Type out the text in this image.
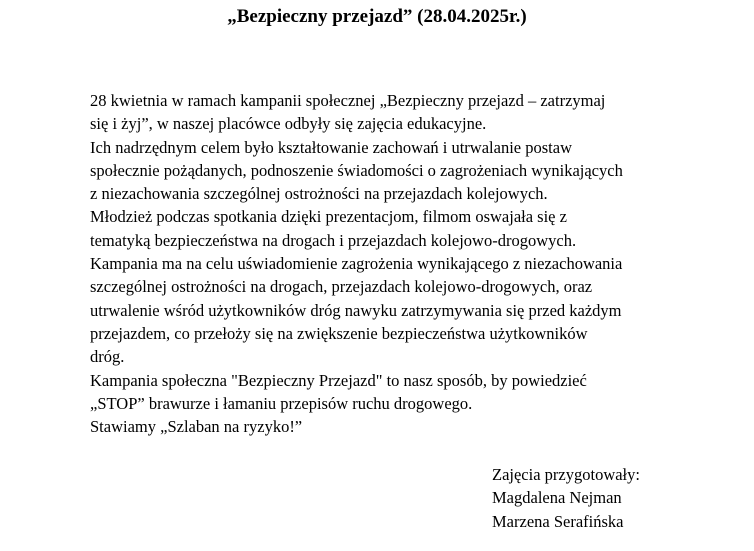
„Bezpieczny przejazd” (28.04.2025r.)
28 kwietnia w ramach kampanii społecznej „Bezpieczny przejazd – zatrzymaj
się i żyj”, w naszej placówce odbyły się zajęcia edukacyjne.
Ich nadrzędnym celem było kształtowanie zachowań i utrwalanie postaw
społecznie pożądanych, podnoszenie świadomości o zagrożeniach wynikających
z niezachowania szczególnej ostrożności na przejazdach kolejowych.
Młodzież podczas spotkania dzięki prezentacjom, filmom oswajała się z
tematyką bezpieczeństwa na drogach i przejazdach kolejowo-drogowych.
Kampania ma na celu uświadomienie zagrożenia wynikającego z niezachowania
szczególnej ostrożności na drogach, przejazdach kolejowo-drogowych, oraz
utrwalenie wśród użytkowników dróg nawyku zatrzymywania się przed każdym
przejazdem, co przełoży się na zwiększenie bezpieczeństwa użytkowników
dróg.
Kampania społeczna "Bezpieczny Przejazd" to nasz sposób, by powiedzieć
„STOP” brawurze i łamaniu przepisów ruchu drogowego.
Stawiamy „Szlaban na ryzyko!”
Zajęcia przygotowały:
Magdalena Nejman
Marzena Serafińska
